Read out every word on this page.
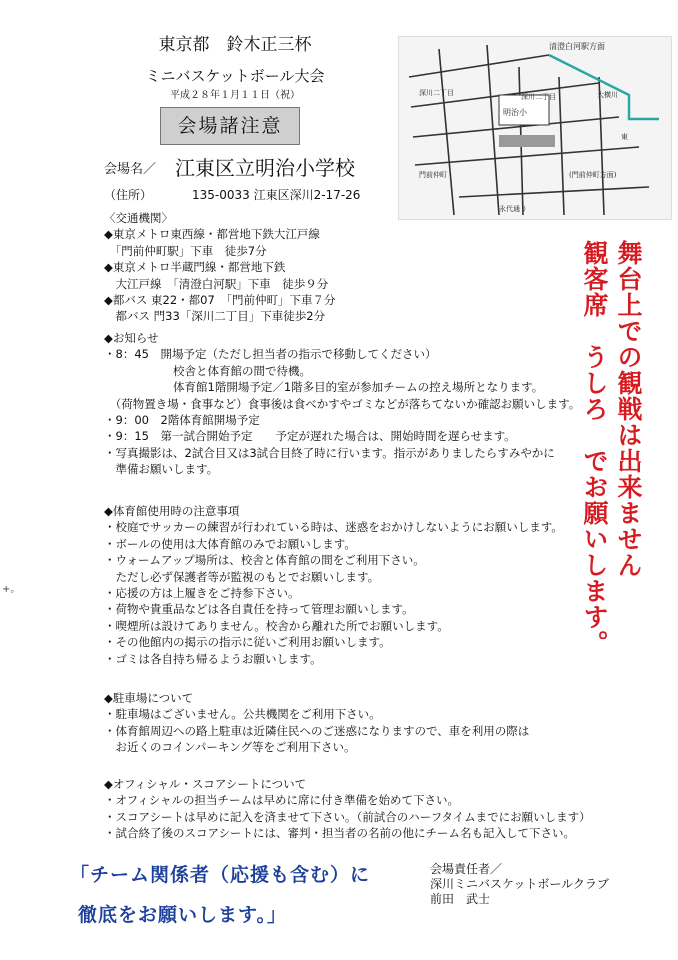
東京都　鈴木正三杯
ミニバスケットボール大会
平成２８年１月１１日（祝）
会場諸注意
会場名／ 江東区立明治小学校
（住所）	135-0033 江東区深川2-17-26
清澄白河駅方面
明治小
深川二丁目	深川二丁目
東
門前仲町
永代通り
(門前仲町方面)
大横川
〈交通機関〉
◆東京メトロ東西線・都営地下鉄大江戸線
　「門前仲町駅」下車　徒歩7分
◆東京メトロ半蔵門線・都営地下鉄
　大江戸線　「清澄白河駅」下車　徒歩９分
◆都バス 東22・都07　「門前仲町」下車７分
　都バス 門33「深川二丁目」下車徒歩2分
◆お知らせ
・8：45　開場予定（ただし担当者の指示で移動してください）
　　　　　　校舎と体育館の間で待機。
　　　　　　体育館1階開場予定／1階多目的室が参加チームの控え場所となります。
　（荷物置き場・食事など）食事後は食べかすやゴミなどが落ちてないか確認お願いします。
・9：00　2階体育館開場予定
・9：15　第一試合開始予定　　予定が遅れた場合は、開始時間を遅らせます。
・写真撮影は、2試合目又は3試合目終了時に行います。指示がありましたらすみやかに
　準備お願いします。
◆体育館使用時の注意事項
・校庭でサッカーの練習が行われている時は、迷惑をおかけしないようにお願いします。
・ボールの使用は大体育館のみでお願いします。
・ウォームアップ場所は、校舎と体育館の間をご利用下さい。
　ただし必ず保護者等が監視のもとでお願いします。
・応援の方は上履きをご持参下さい。
・荷物や貴重品などは各自責任を持って管理お願いします。
・喫煙所は設けてありません。校舎から離れた所でお願いします。
・その他館内の掲示の指示に従いご利用お願いします。
・ゴミは各自持ち帰るようお願いします。
◆駐車場について
・駐車場はございません。公共機関をご利用下さい。
・体育館周辺への路上駐車は近隣住民へのご迷惑になりますので、車を利用の際は
　お近くのコインパーキング等をご利用下さい。
◆オフィシャル・スコアシートについて
・オフィシャルの担当チームは早めに席に付き準備を始めて下さい。
・スコアシートは早めに記入を済ませて下さい。（前試合のハーフタイムまでにお願いします）
・試合終了後のスコアシートには、審判・担当者の名前の他にチーム名も記入して下さい。
舞台上での観戦は出来ません
観客席　うしろ　でお願いします。
「チーム関係者（応援も含む）に
徹底をお願いします。」
会場責任者／
深川ミニバスケットボールクラブ
前田　武士
+。
